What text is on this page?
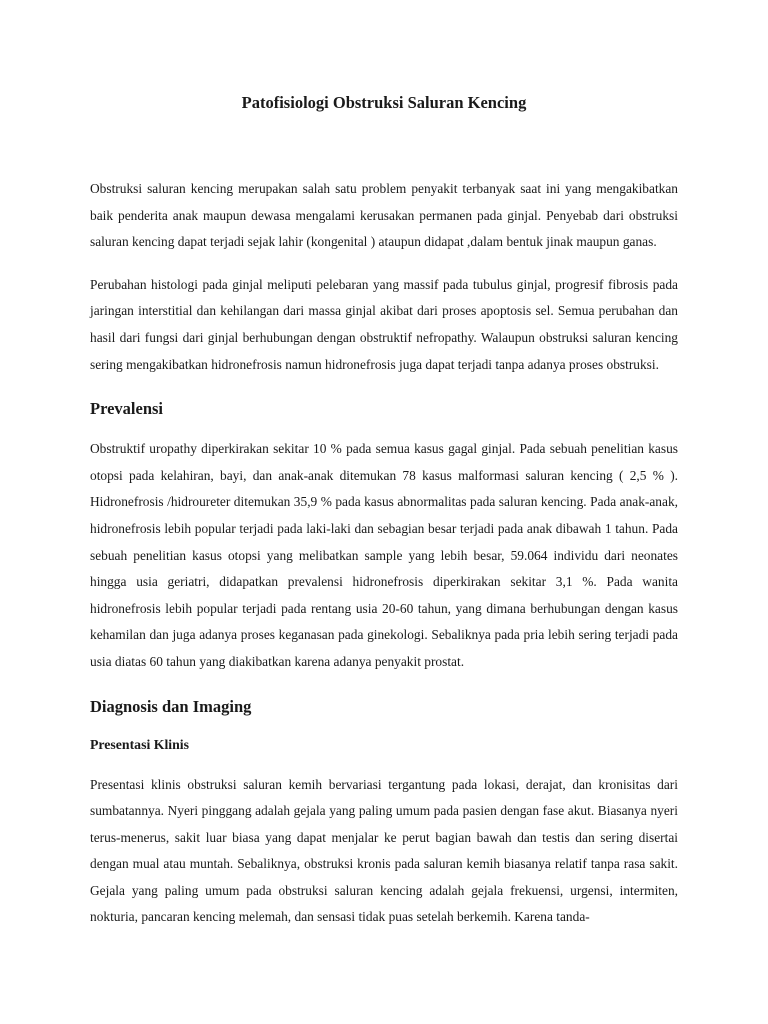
Patofisiologi Obstruksi Saluran Kencing

Obstruksi saluran kencing merupakan salah satu problem penyakit terbanyak saat ini yang mengakibatkan baik penderita anak maupun dewasa mengalami kerusakan permanen pada ginjal. Penyebab dari obstruksi saluran kencing dapat terjadi sejak lahir (kongenital ) ataupun didapat ,dalam bentuk jinak maupun ganas.

Perubahan histologi pada ginjal meliputi pelebaran yang massif pada tubulus ginjal, progresif fibrosis pada jaringan interstitial dan kehilangan dari massa ginjal akibat dari proses apoptosis sel. Semua perubahan dan hasil dari fungsi dari ginjal berhubungan dengan obstruktif nefropathy. Walaupun obstruksi saluran kencing sering mengakibatkan hidronefrosis namun hidronefrosis juga dapat terjadi tanpa adanya proses obstruksi.

Prevalensi

Obstruktif uropathy diperkirakan sekitar 10 % pada semua kasus gagal ginjal. Pada sebuah penelitian kasus otopsi pada kelahiran, bayi, dan anak-anak ditemukan 78 kasus malformasi saluran kencing ( 2,5 % ). Hidronefrosis /hidroureter ditemukan 35,9 % pada kasus abnormalitas pada saluran kencing. Pada anak-anak, hidronefrosis lebih popular terjadi pada laki-laki dan sebagian besar terjadi pada anak dibawah 1 tahun. Pada sebuah penelitian kasus otopsi yang melibatkan sample yang lebih besar, 59.064 individu dari neonates hingga usia geriatri, didapatkan prevalensi hidronefrosis diperkirakan sekitar 3,1 %. Pada wanita hidronefrosis lebih popular terjadi pada rentang usia 20-60 tahun, yang dimana berhubungan dengan kasus kehamilan dan juga adanya proses keganasan pada ginekologi. Sebaliknya pada pria lebih sering terjadi pada usia diatas 60 tahun yang diakibatkan karena adanya penyakit prostat.

Diagnosis dan Imaging
Presentasi Klinis

Presentasi klinis obstruksi saluran kemih bervariasi tergantung pada lokasi, derajat, dan kronisitas dari sumbatannya. Nyeri pinggang adalah gejala yang paling umum pada pasien dengan fase akut. Biasanya nyeri terus-menerus, sakit luar biasa yang dapat menjalar ke perut bagian bawah dan testis dan sering disertai dengan mual atau muntah. Sebaliknya, obstruksi kronis pada saluran kemih biasanya relatif tanpa rasa sakit. Gejala yang paling umum pada obstruksi saluran kencing adalah gejala frekuensi, urgensi, intermiten, nokturia, pancaran kencing melemah, dan sensasi tidak puas setelah berkemih. Karena tanda-
